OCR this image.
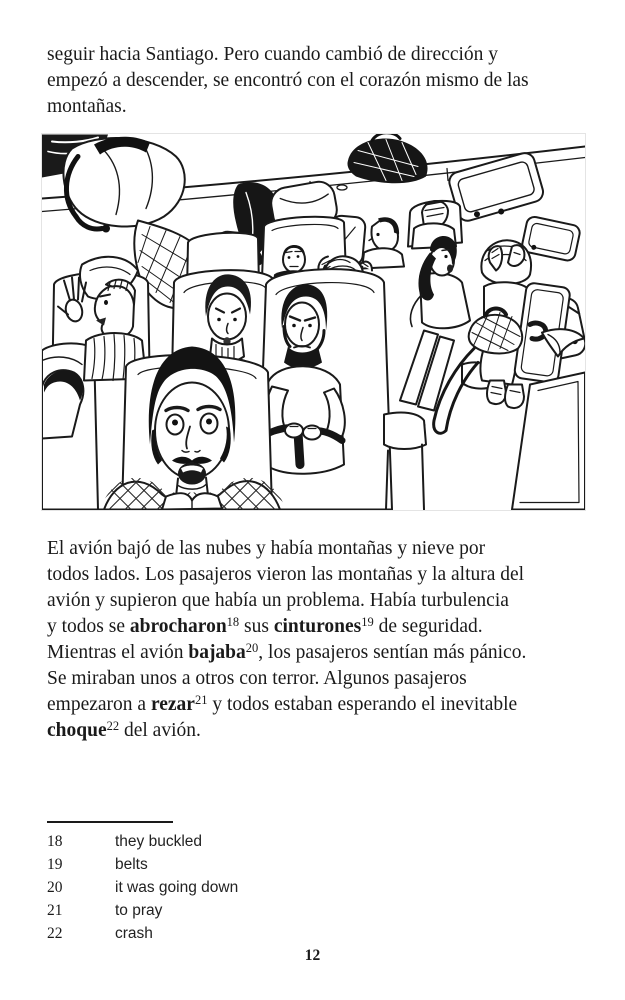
seguir hacia Santiago. Pero cuando cambió de dirección y
empezó a descender, se encontró con el corazón mismo de las
montañas.
El avión bajó de las nubes y había montañas y nieve por
todos lados. Los pasajeros vieron las montañas y la altura del
avión y supieron que había un problema. Había turbulencia
y todos se abrocharon$^{18}$ sus cinturones$^{19}$ de seguridad.
Mientras el avión bajaba$^{20}$, los pasajeros sentían más pánico.
Se miraban unos a otros con terror. Algunos pasajeros
empezaron a rezar$^{21}$ y todos estaban esperando el inevitable
choque$^{22}$ del avión.
18	they buckled
19	belts
20	it was going down
21	to pray
22	crash
12
